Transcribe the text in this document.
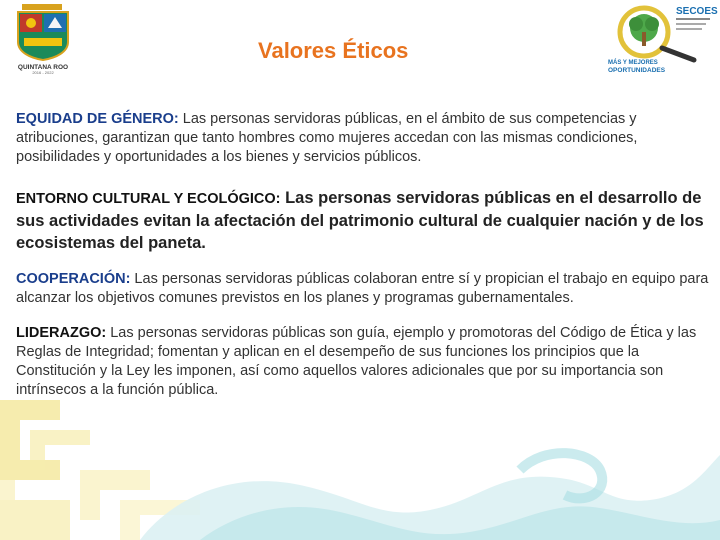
QUINTANA ROO
2016 - 2022
SECOES
MÁS Y MEJORES
OPORTUNIDADES
Valores Éticos

EQUIDAD DE GÉNERO: Las personas servidoras públicas, en el ámbito de sus competencias y atribuciones, garantizan que tanto hombres como mujeres accedan con las mismas condiciones, posibilidades y oportunidades a los bienes y servicios públicos.

ENTORNO CULTURAL Y ECOLÓGICO: Las personas servidoras públicas en el desarrollo de sus actividades evitan la afectación del patrimonio cultural de cualquier nación y de los ecosistemas del paneta.

COOPERACIÓN: Las personas servidoras públicas colaboran entre sí y propician el trabajo en equipo para alcanzar los objetivos comunes previstos en los planes y programas gubernamentales.

LIDERAZGO: Las personas servidoras públicas son guía, ejemplo y promotoras del Código de Ética y las Reglas de Integridad; fomentan y aplican en el desempeño de sus funciones los principios que la Constitución y la Ley les imponen, así como aquellos valores adicionales que por su importancia son intrínsecos a la función pública.
